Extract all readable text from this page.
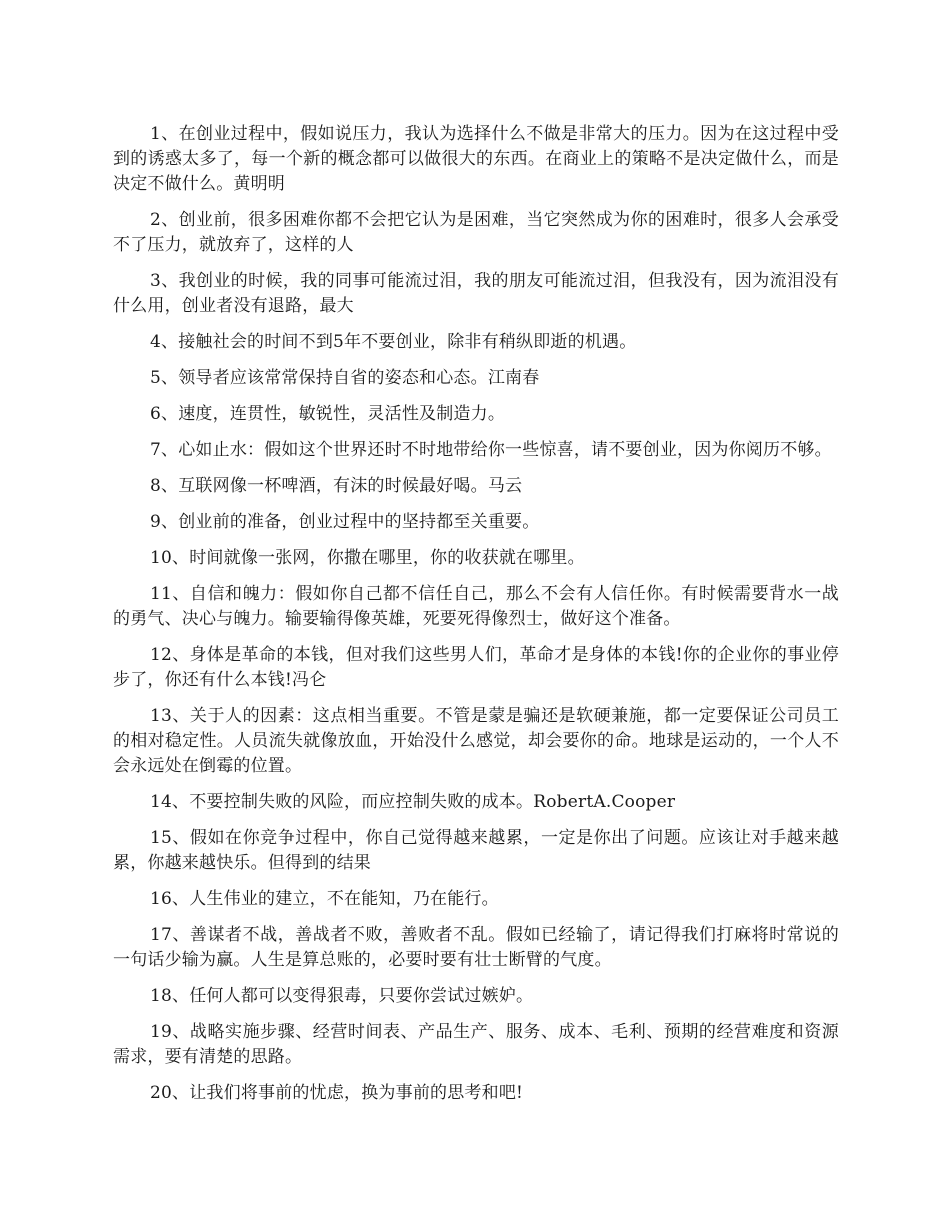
1、在创业过程中，假如说压力，我认为选择什么不做是非常大的压力。因为在这过程中受到的诱惑太多了，每一个新的概念都可以做很大的东西。在商业上的策略不是决定做什么，而是决定不做什么。黄明明

2、创业前，很多困难你都不会把它认为是困难，当它突然成为你的困难时，很多人会承受不了压力，就放弃了，这样的人

3、我创业的时候，我的同事可能流过泪，我的朋友可能流过泪，但我没有，因为流泪没有什么用，创业者没有退路，最大

4、接触社会的时间不到5年不要创业，除非有稍纵即逝的机遇。

5、领导者应该常常保持自省的姿态和心态。江南春

6、速度，连贯性，敏锐性，灵活性及制造力。

7、心如止水：假如这个世界还时不时地带给你一些惊喜，请不要创业，因为你阅历不够。

8、互联网像一杯啤酒，有沫的时候最好喝。马云

9、创业前的准备，创业过程中的坚持都至关重要。

10、时间就像一张网，你撒在哪里，你的收获就在哪里。

11、自信和魄力：假如你自己都不信任自己，那么不会有人信任你。有时候需要背水一战的勇气、决心与魄力。输要输得像英雄，死要死得像烈士，做好这个准备。

12、身体是革命的本钱，但对我们这些男人们，革命才是身体的本钱!你的企业你的事业停步了，你还有什么本钱!冯仑

13、关于人的因素：这点相当重要。不管是蒙是骗还是软硬兼施，都一定要保证公司员工的相对稳定性。人员流失就像放血，开始没什么感觉，却会要你的命。地球是运动的，一个人不会永远处在倒霉的位置。

14、不要控制失败的风险，而应控制失败的成本。RobertA.Cooper

15、假如在你竞争过程中，你自己觉得越来越累，一定是你出了问题。应该让对手越来越累，你越来越快乐。但得到的结果

16、人生伟业的建立，不在能知，乃在能行。

17、善谋者不战，善战者不败，善败者不乱。假如已经输了，请记得我们打麻将时常说的一句话少输为赢。人生是算总账的，必要时要有壮士断臂的气度。

18、任何人都可以变得狠毒，只要你尝试过嫉妒。

19、战略实施步骤、经营时间表、产品生产、服务、成本、毛利、预期的经营难度和资源需求，要有清楚的思路。

20、让我们将事前的忧虑，换为事前的思考和吧!
